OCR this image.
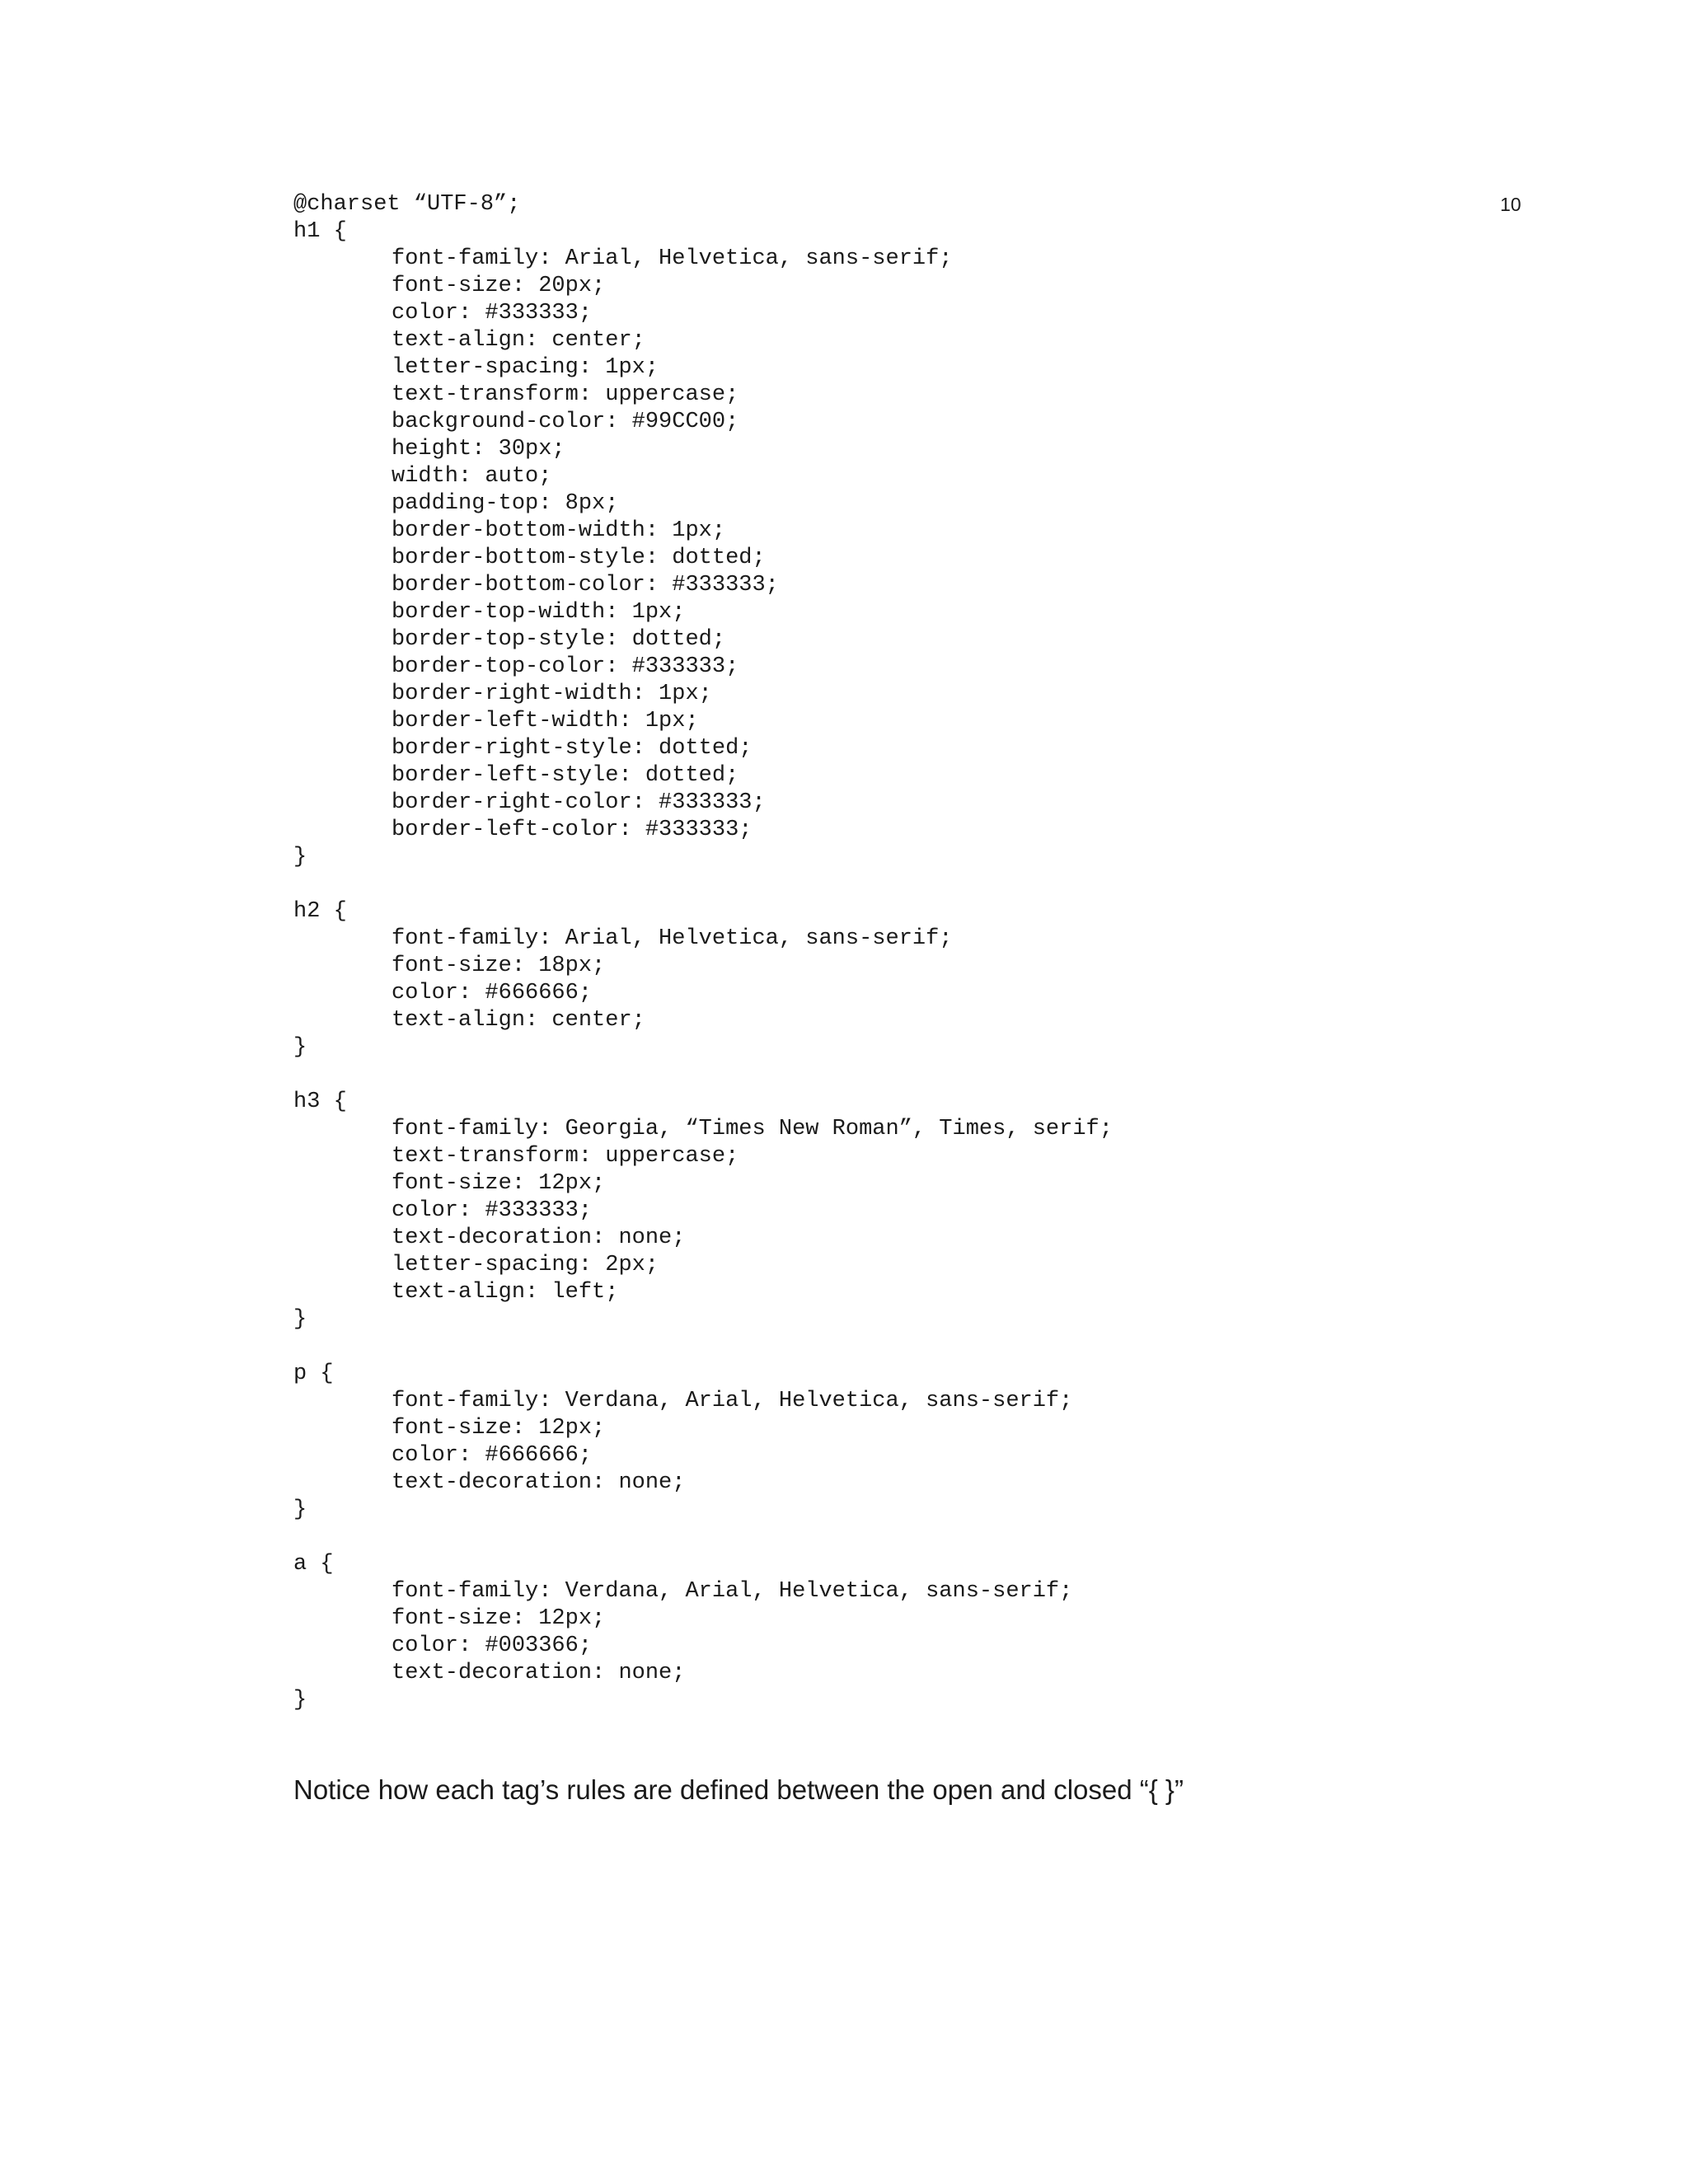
10
@charset “UTF-8”;
h1 {
font-family: Arial, Helvetica, sans-serif;
font-size: 20px;
color: #333333;
text-align: center;
letter-spacing: 1px;
text-transform: uppercase;
background-color: #99CC00;
height: 30px;
width: auto;
padding-top: 8px;
border-bottom-width: 1px;
border-bottom-style: dotted;
border-bottom-color: #333333;
border-top-width: 1px;
border-top-style: dotted;
border-top-color: #333333;
border-right-width: 1px;
border-left-width: 1px;
border-right-style: dotted;
border-left-style: dotted;
border-right-color: #333333;
border-left-color: #333333;
}
h2 {
font-family: Arial, Helvetica, sans-serif;
font-size: 18px;
color: #666666;
text-align: center;
}
h3 {
font-family: Georgia, “Times New Roman”, Times, serif;
text-transform: uppercase;
font-size: 12px;
color: #333333;
text-decoration: none;
letter-spacing: 2px;
text-align: left;
}
p {
font-family: Verdana, Arial, Helvetica, sans-serif;
font-size: 12px;
color: #666666;
text-decoration: none;
}
a {
font-family: Verdana, Arial, Helvetica, sans-serif;
font-size: 12px;
color: #003366;
text-decoration: none;
}
Notice how each tag’s rules are defined between the open and closed “{ }”
